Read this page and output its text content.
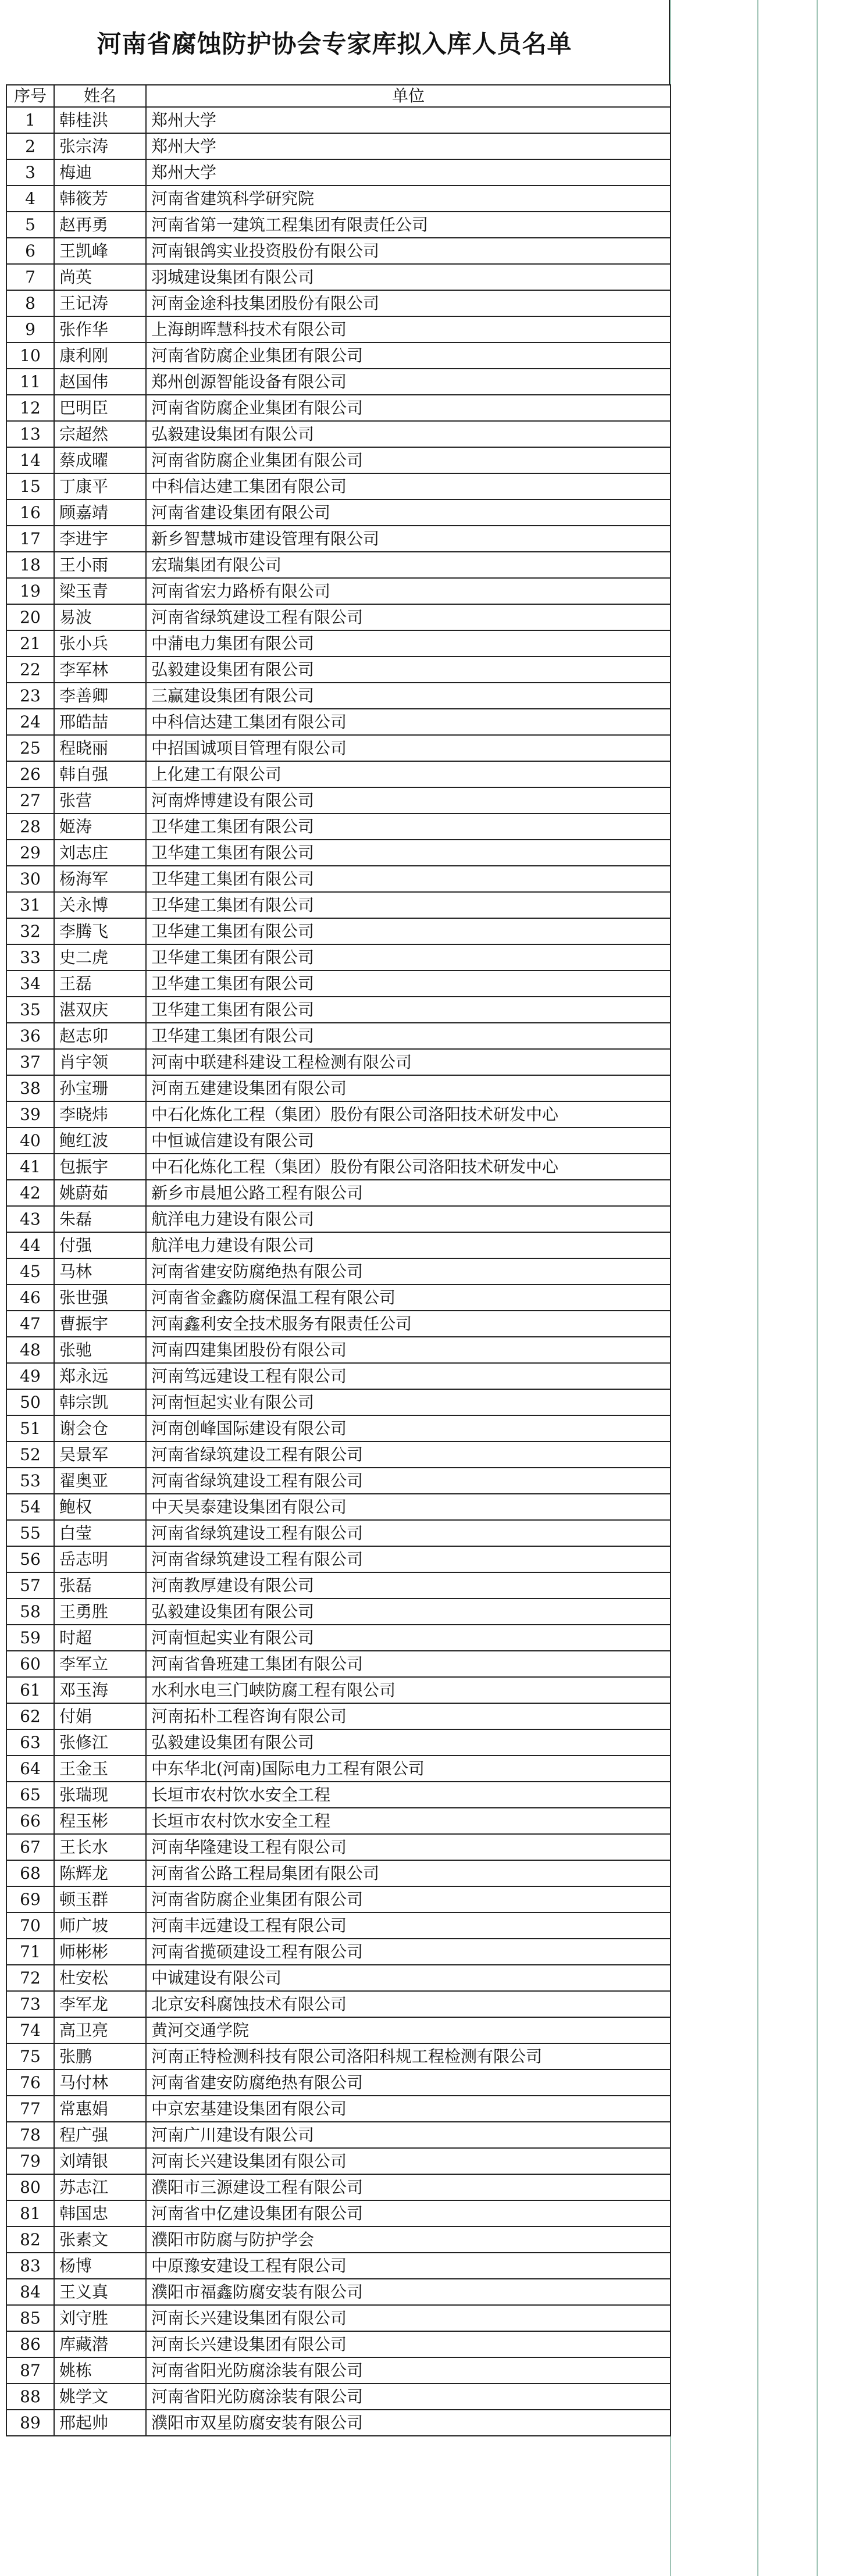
河南省腐蚀防护协会专家库拟入库人员名单
序号	姓名	单位
1	韩桂洪	郑州大学
2	张宗涛	郑州大学
3	梅迪	郑州大学
4	韩筱芳	河南省建筑科学研究院
5	赵再勇	河南省第一建筑工程集团有限责任公司
6	王凯峰	河南银鸽实业投资股份有限公司
7	尚英	羽城建设集团有限公司
8	王记涛	河南金途科技集团股份有限公司
9	张作华	上海朗晖慧科技术有限公司
10	康利刚	河南省防腐企业集团有限公司
11	赵国伟	郑州创源智能设备有限公司
12	巴明臣	河南省防腐企业集团有限公司
13	宗超然	弘毅建设集团有限公司
14	蔡成曜	河南省防腐企业集团有限公司
15	丁康平	中科信达建工集团有限公司
16	顾嘉靖	河南省建设集团有限公司
17	李进宇	新乡智慧城市建设管理有限公司
18	王小雨	宏瑞集团有限公司
19	梁玉青	河南省宏力路桥有限公司
20	易波	河南省绿筑建设工程有限公司
21	张小兵	中蒲电力集团有限公司
22	李军林	弘毅建设集团有限公司
23	李善卿	三赢建设集团有限公司
24	邢皓喆	中科信达建工集团有限公司
25	程晓丽	中招国诚项目管理有限公司
26	韩自强	上化建工有限公司
27	张营	河南烨博建设有限公司
28	姬涛	卫华建工集团有限公司
29	刘志庄	卫华建工集团有限公司
30	杨海军	卫华建工集团有限公司
31	关永博	卫华建工集团有限公司
32	李腾飞	卫华建工集团有限公司
33	史二虎	卫华建工集团有限公司
34	王磊	卫华建工集团有限公司
35	湛双庆	卫华建工集团有限公司
36	赵志卯	卫华建工集团有限公司
37	肖宇领	河南中联建科建设工程检测有限公司
38	孙宝珊	河南五建建设集团有限公司
39	李晓炜	中石化炼化工程（集团）股份有限公司洛阳技术研发中心
40	鲍红波	中恒诚信建设有限公司
41	包振宇	中石化炼化工程（集团）股份有限公司洛阳技术研发中心
42	姚蔚茹	新乡市晨旭公路工程有限公司
43	朱磊	航洋电力建设有限公司
44	付强	航洋电力建设有限公司
45	马林	河南省建安防腐绝热有限公司
46	张世强	河南省金鑫防腐保温工程有限公司
47	曹振宇	河南鑫利安全技术服务有限责任公司
48	张驰	河南四建集团股份有限公司
49	郑永远	河南笃远建设工程有限公司
50	韩宗凯	河南恒起实业有限公司
51	谢会仓	河南创峰国际建设有限公司
52	吴景军	河南省绿筑建设工程有限公司
53	翟奥亚	河南省绿筑建设工程有限公司
54	鲍权	中天昊泰建设集团有限公司
55	白莹	河南省绿筑建设工程有限公司
56	岳志明	河南省绿筑建设工程有限公司
57	张磊	河南教厚建设有限公司
58	王勇胜	弘毅建设集团有限公司
59	时超	河南恒起实业有限公司
60	李军立	河南省鲁班建工集团有限公司
61	邓玉海	水利水电三门峡防腐工程有限公司
62	付娟	河南拓朴工程咨询有限公司
63	张修江	弘毅建设集团有限公司
64	王金玉	中东华北(河南)国际电力工程有限公司
65	张瑞现	长垣市农村饮水安全工程
66	程玉彬	长垣市农村饮水安全工程
67	王长水	河南华隆建设工程有限公司
68	陈辉龙	河南省公路工程局集团有限公司
69	顿玉群	河南省防腐企业集团有限公司
70	师广坡	河南丰远建设工程有限公司
71	师彬彬	河南省揽硕建设工程有限公司
72	杜安松	中诚建设有限公司
73	李军龙	北京安科腐蚀技术有限公司
74	高卫亮	黄河交通学院
75	张鹏	河南正特检测科技有限公司洛阳科规工程检测有限公司
76	马付林	河南省建安防腐绝热有限公司
77	常惠娟	中京宏基建设集团有限公司
78	程广强	河南广川建设有限公司
79	刘靖银	河南长兴建设集团有限公司
80	苏志江	濮阳市三源建设工程有限公司
81	韩国忠	河南省中亿建设集团有限公司
82	张素文	濮阳市防腐与防护学会
83	杨博	中原豫安建设工程有限公司
84	王义真	濮阳市福鑫防腐安装有限公司
85	刘守胜	河南长兴建设集团有限公司
86	库藏潜	河南长兴建设集团有限公司
87	姚栋	河南省阳光防腐涂装有限公司
88	姚学文	河南省阳光防腐涂装有限公司
89	邢起帅	濮阳市双星防腐安装有限公司
